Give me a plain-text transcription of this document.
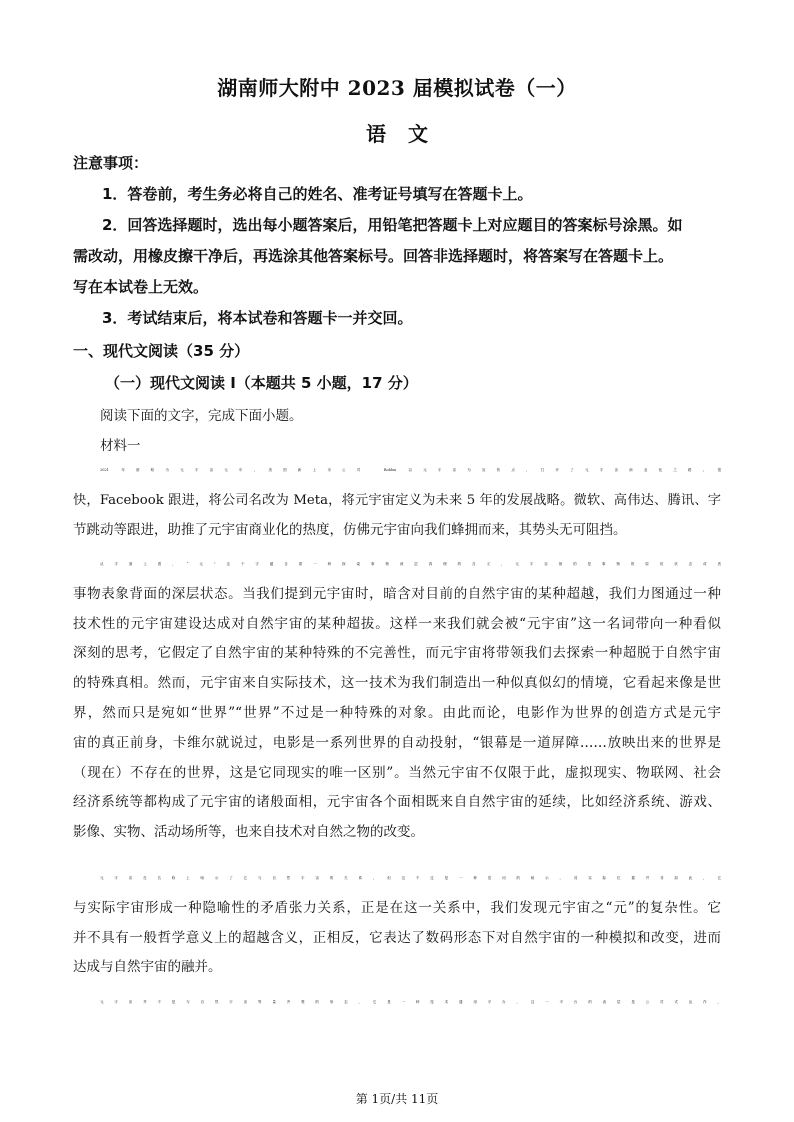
湖南师大附中 2023 届模拟试卷（一）
语文
注意事项：
1．答卷前，考生务必将自己的姓名、准考证号填写在答题卡上。
2．回答选择题时，选出每小题答案后，用铅笔把答题卡上对应题目的答案标号涂黑。如
需改动，用橡皮擦干净后，再选涂其他答案标号。回答非选择题时，将答案写在答题卡上。
写在本试卷上无效。
3．考试结束后，将本试卷和答题卡一并交回。
一、现代文阅读（35 分）
（一）现代文阅读 I（本题共 5 小题，17 分）
阅读下面的文字，完成下面小题。
材料一
2021 年被称为元宇宙元年，美国新上市公司 Roblox 以元宇宙为宣传点，打开了元宇宙商业化之路。很
快，Facebook 跟进，将公司名改为 Meta，将元宇宙定义为未来 5 年的发展战略。微软、高伟达、腾讯、字
节跳动等跟进，助推了元宇宙商业化的热度，仿佛元宇宙向我们蜂拥而来，其势头无可阻挡。
从字面上看，“元”这个字蕴含着一种探索事物深层真理的含义，元宇宙指的是事物的原初状态或者
事物表象背面的深层状态。当我们提到元宇宙时，暗含对目前的自然宇宙的某种超越，我们力图通过一种
技术性的元宇宙建设达成对自然宇宙的某种超拔。这样一来我们就会被“元宇宙”这一名词带向一种看似
深刻的思考，它假定了自然宇宙的某种特殊的不完善性，而元宇宙将带领我们去探索一种超脱于自然宇宙
的特殊真相。然而，元宇宙来自实际技术，这一技术为我们制造出一种似真似幻的情境，它看起来像是世
界，然而只是宛如“世界”“世界”不过是一种特殊的对象。由此而论，电影作为世界的创造方式是元宇
宙的真正前身，卡维尔就说过，电影是一系列世界的自动投射，“银幕是一道屏障……放映出来的世界是
（现在）不存在的世界，这是它同现实的唯一区别”。当然元宇宙不仅限于此，虚拟现实、物联网、社会
经济系统等都构成了元宇宙的诸般面相，元宇宙各个面相既来自自然宇宙的延续，比如经济系统、游戏、
影像、实物、活动场所等，也来自技术对自然之物的改变。
元宇宙在名称上暗示了它与自然宇宙的关系，但这不过是一种语词的暗示，其实际位置并非如此，它
与实际宇宙形成一种隐喻性的矛盾张力关系，正是在这一关系中，我们发现元宇宙之“元”的复杂性。它
并不具有一般哲学意义上的超越含义，正相反，它表达了数码形态下对自然宇宙的一种模拟和改变，进而
达成与自然宇宙的融并。
元宇宙并不是与自然宇宙等量齐观的形态，它是一种技术通用平台，这一平台的表层是公司式运作，
第 1页/共 11页
